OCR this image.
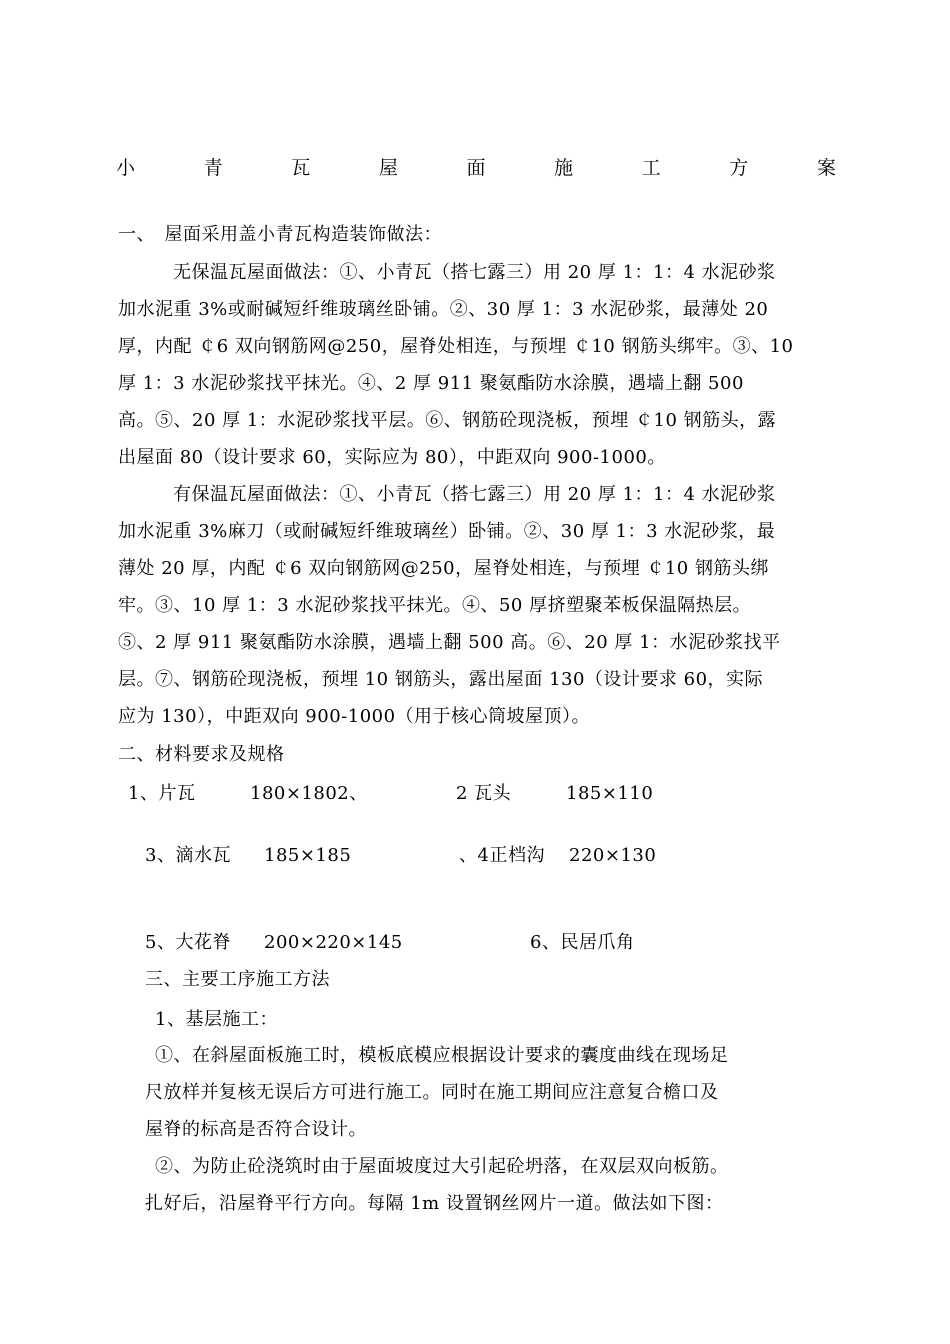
小	青	瓦	屋	面	施	工	方	案
一、　屋面采用盖小青瓦构造装饰做法：
无保温瓦屋面做法：①、小青瓦（搭七露三）用 20 厚 1：1：4 水泥砂浆
加水泥重 3%或耐碱短纤维玻璃丝卧铺。②、30 厚 1：3 水泥砂浆，最薄处 20
厚，内配 ￠6 双向钢筋网@250，屋脊处相连，与预埋 ￠10 钢筋头绑牢。③、10
厚 1：3 水泥砂浆找平抹光。④、2 厚 911 聚氨酯防水涂膜，遇墙上翻 500
高。⑤、20 厚 1：水泥砂浆找平层。⑥、钢筋砼现浇板，预埋 ￠10 钢筋头，露
出屋面 80（设计要求 60，实际应为 80），中距双向 900-1000。
有保温瓦屋面做法：①、小青瓦（搭七露三）用 20 厚 1：1：4 水泥砂浆
加水泥重 3%麻刀（或耐碱短纤维玻璃丝）卧铺。②、30 厚 1：3 水泥砂浆，最
薄处 20 厚，内配 ￠6 双向钢筋网@250，屋脊处相连，与预埋 ￠10 钢筋头绑
牢。③、10 厚 1：3 水泥砂浆找平抹光。④、50 厚挤塑聚苯板保温隔热层。
⑤、2 厚 911 聚氨酯防水涂膜，遇墙上翻 500 高。⑥、20 厚 1：水泥砂浆找平
层。⑦、钢筋砼现浇板，预埋 10 钢筋头，露出屋面 130（设计要求 60，实际
应为 130），中距双向 900-1000（用于核心筒坡屋顶）。
二、材料要求及规格
1、片瓦	180×1802、	2 瓦头	185×110
3、滴水瓦 185×185	、4正档沟 220×130
5、大花脊 200×220×145	6、民居爪角
三、主要工序施工方法
1、基层施工：
①、在斜屋面板施工时，模板底模应根据设计要求的囊度曲线在现场足
尺放样并复核无误后方可进行施工。同时在施工期间应注意复合檐口及
屋脊的标高是否符合设计。
②、为防止砼浇筑时由于屋面坡度过大引起砼坍落，在双层双向板筋。
扎好后，沿屋脊平行方向。每隔 1m 设置钢丝网片一道。做法如下图：
